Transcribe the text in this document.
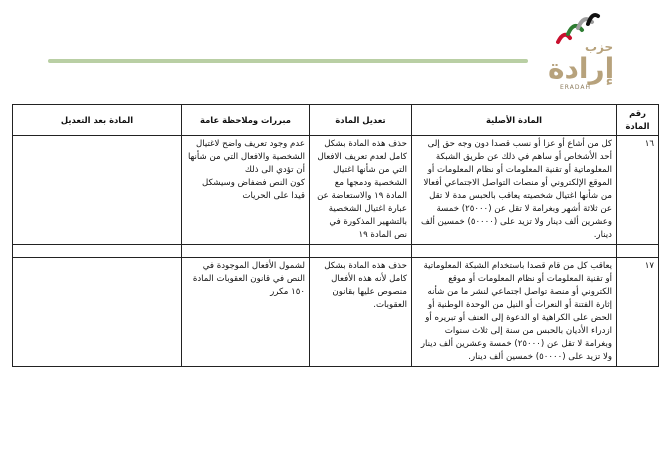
حزب
إرادة
ERADAH
رقم المادة	المادة الأصلية	تعديل المادة	مبررات وملاحظة عامة	المادة بعد التعديل
١٦	كل من أشاع أو عزا أو نسب قصدا دون وجه حق إلى أحد الأشخاص أو ساهم في ذلك عن طريق الشبكة المعلوماتية أو تقنية المعلومات أو نظام المعلومات أو الموقع الإلكتروني أو منصات التواصل الاجتماعي أفعالا من شأنها اغتيال شخصيته يعاقب بالحبس مدة لا تقل عن ثلاثة أشهر وبغرامة لا تقل عن (٢٥٠٠٠) خمسة وعشرين ألف دينار ولا تزيد على (٥٠٠٠٠) خمسين ألف دينار.	حذف هذه المادة بشكل كامل لعدم تعريف الافعال التي من شأنها اغتيال الشخصية ودمجها مع المادة ١٩ والاستعاضة عن عبارة اغتيال الشخصية بالتشهير المذكورة في نص المادة ١٩	عدم وجود تعريف واضح لاغتيال الشخصية والافعال التي من شأنها أن تؤدي الى ذلك
كون النص فضفاض وسيشكل قيدا على الحريات	

١٧	يعاقب كل من قام قصدا باستخدام الشبكة المعلوماتية أو تقنية المعلومات أو نظام المعلومات أو موقع الكتروني أو منصة تواصل اجتماعي لنشر ما من شأنه إثارة الفتنة أو النعرات أو النيل من الوحدة الوطنية أو الحض على الكراهية او الدعوة إلى العنف أو تبريره أو ازدراء الأديان بالحبس من سنة إلى ثلاث سنوات وبغرامة لا تقل عن (٢٥٠٠٠) خمسة وعشرين ألف دينار ولا تزيد على (٥٠٠٠٠) خمسين ألف دينار.	حذف هذه المادة بشكل كامل لأنه هذه الأفعال منصوص عليها بقانون العقوبات.	لشمول الأفعال الموجودة في النص في قانون العقوبات المادة ١٥٠ مكرر	
